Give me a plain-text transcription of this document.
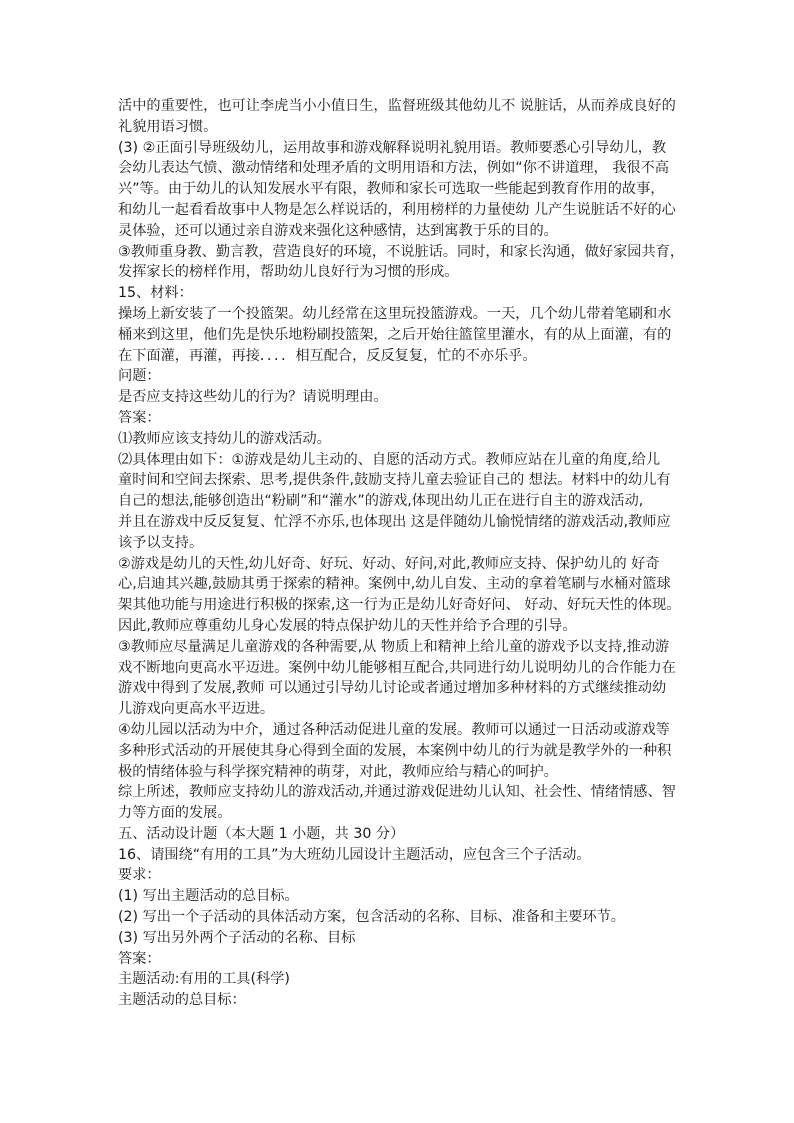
活中的重要性，也可让李虎当小小值日生，监督班级其他幼儿不 说脏话，从而养成良好的
礼貌用语习惯。
(3) ②正面引导班级幼儿，运用故事和游戏解释说明礼貌用语。教师要悉心引导幼儿，教
会幼儿表达气愤、激动情绪和处理矛盾的文明用语和方法，例如“你不讲道理， 我很不高
兴”等。由于幼儿的认知发展水平有限，教师和家长可选取一些能起到教育作用的故事，
和幼儿一起看看故事中人物是怎么样说话的，利用榜样的力量使幼 儿产生说脏话不好的心
灵体验，还可以通过亲自游戏来强化这种感情，达到寓教于乐的目的。
③教师重身教、勤言教，营造良好的环境，不说脏话。同时，和家长沟通，做好家园共育，
发挥家长的榜样作用，帮助幼儿良好行为习惯的形成。
15、材料：
操场上新安装了一个投篮架。幼儿经常在这里玩投篮游戏。一天，几个幼儿带着笔刷和水
桶来到这里，他们先是快乐地粉刷投篮架，之后开始往篮筐里灌水，有的从上面灌，有的
在下面灌，再灌，再接．．．．相互配合，反反复复，忙的不亦乐乎。
问题：
是否应支持这些幼儿的行为？请说明理由。
答案：
⑴教师应该支持幼儿的游戏活动。
⑵具体理由如下：①游戏是幼儿主动的、自愿的活动方式。教师应站在儿童的角度,给儿
童时间和空间去探索、思考,提供条件,鼓励支持儿童去验证自己的 想法。材料中的幼儿有
自己的想法,能够创造出“粉刷”和“灌水”的游戏,体现出幼儿正在进行自主的游戏活动,
并且在游戏中反反复复、忙浮不亦乐,也体现出 这是伴随幼儿愉悦情绪的游戏活动,教师应
该予以支持。
②游戏是幼儿的天性,幼儿好奇、好玩、好动、好问,对此,教师应支持、保护幼儿的 好奇
心,启迪其兴趣,鼓励其勇于探索的精神。案例中,幼儿自发、主动的拿着笔刷与水桶对篮球
架其他功能与用途进行积极的探索,这一行为正是幼儿好奇好问、 好动、好玩天性的体现。
因此,教师应尊重幼儿身心发展的特点保护幼儿的天性并给予合理的引导。
③教师应尽量满足儿童游戏的各种需要,从 物质上和精神上给儿童的游戏予以支持,推动游
戏不断地向更高水平迈进。案例中幼儿能够相互配合,共同进行幼儿说明幼儿的合作能力在
游戏中得到了发展,教师 可以通过引导幼儿讨论或者通过增加多种材料的方式继续推动幼
儿游戏向更高水平迈进。
④幼儿园以活动为中介，通过各种活动促进儿童的发展。教师可以通过一日活动或游戏等
多种形式活动的开展使其身心得到全面的发展，本案例中幼儿的行为就是教学外的一种积
极的情绪体验与科学探究精神的萌芽，对此，教师应给与精心的呵护。
综上所述，教师应支持幼儿的游戏活动,并通过游戏促进幼儿认知、社会性、情绪情感、智
力等方面的发展。
五、活动设计题（本大题 1 小题，共 30 分）
16、请围绕“有用的工具”为大班幼儿园设计主题活动，应包含三个子活动。
要求：
(1) 写出主题活动的总目标。
(2) 写出一个子活动的具体活动方案，包含活动的名称、目标、准备和主要环节。
(3) 写出另外两个子活动的名称、目标
答案：
主题活动:有用的工具(科学)
主题活动的总目标：
